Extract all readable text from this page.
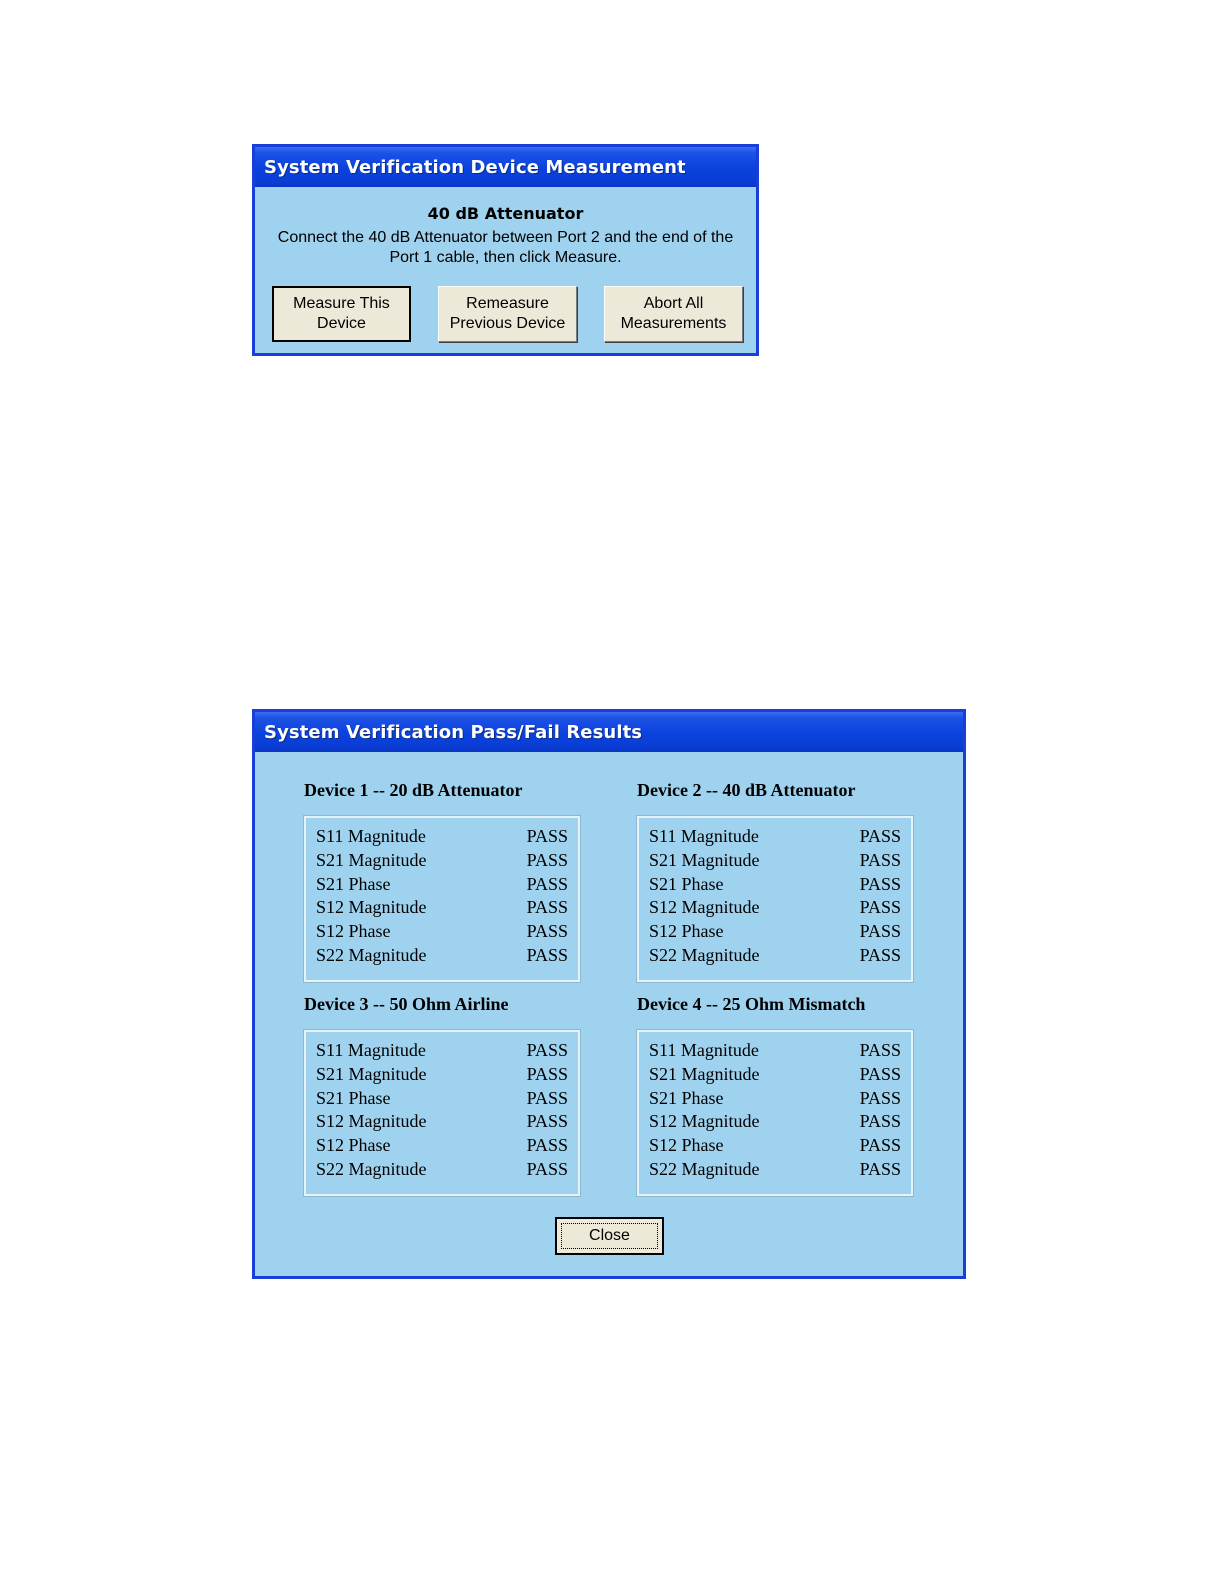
System Verification Device Measurement
40 dB Attenuator
Connect the 40 dB Attenuator between Port 2 and the end of the
Port 1 cable, then click Measure.
Measure This
Device
Remeasure
Previous Device
Abort All
Measurements
System Verification Pass/Fail Results
Device 1 -- 20 dB Attenuator
S11 Magnitude	PASS
S21 Magnitude	PASS
S21 Phase	PASS
S12 Magnitude	PASS
S12 Phase	PASS
S22 Magnitude	PASS
Device 2 -- 40 dB Attenuator
S11 Magnitude	PASS
S21 Magnitude	PASS
S21 Phase	PASS
S12 Magnitude	PASS
S12 Phase	PASS
S22 Magnitude	PASS
Device 3 -- 50 Ohm Airline
S11 Magnitude	PASS
S21 Magnitude	PASS
S21 Phase	PASS
S12 Magnitude	PASS
S12 Phase	PASS
S22 Magnitude	PASS
Device 4 -- 25 Ohm Mismatch
S11 Magnitude	PASS
S21 Magnitude	PASS
S21 Phase	PASS
S12 Magnitude	PASS
S12 Phase	PASS
S22 Magnitude	PASS
Close
